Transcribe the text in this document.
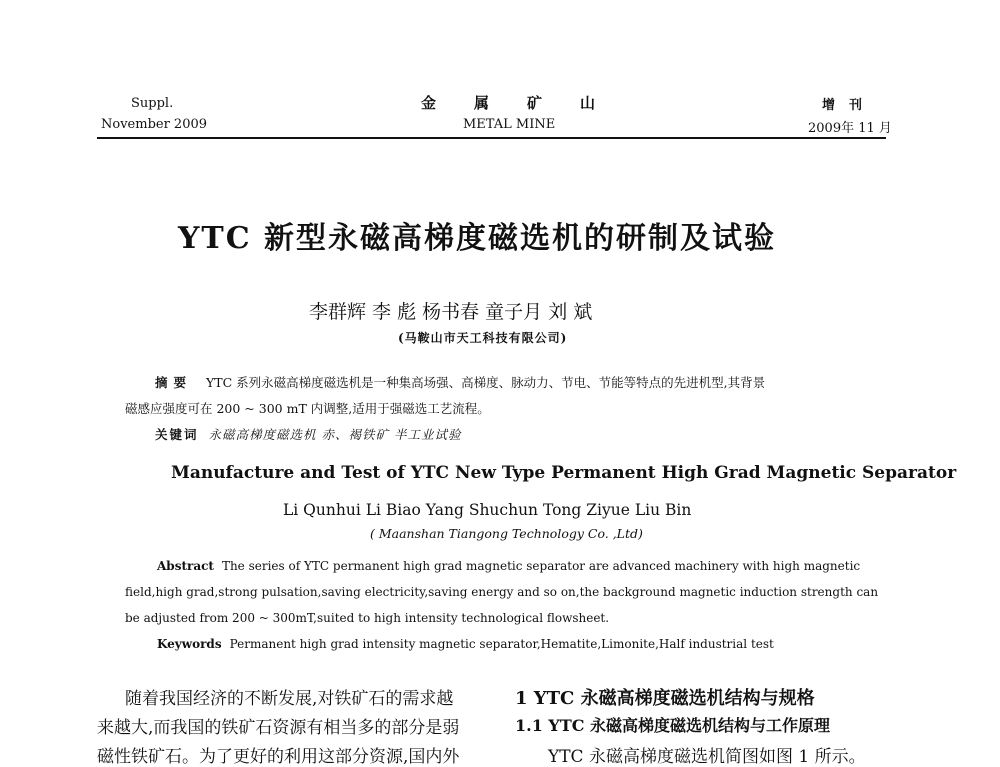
Suppl.
November 2009
金属矿山
METAL MINE
增刊
2009年 11 月
YTC 新型永磁高梯度磁选机的研制及试验
李群辉 李 彪 杨书春 童子月 刘 斌
(马鞍山市天工科技有限公司)
摘要 YTC 系列永磁高梯度磁选机是一种集高场强、高梯度、脉动力、节电、节能等特点的先进机型,其背景
磁感应强度可在 200 ~ 300 mT 内调整,适用于强磁选工艺流程。
关键词 永磁高梯度磁选机 赤、褐铁矿 半工业试验
Manufacture and Test of YTC New Type Permanent High Grad Magnetic Separator
Li Qunhui Li Biao Yang Shuchun Tong Ziyue Liu Bin
( Maanshan Tiangong Technology Co. ,Ltd)
Abstract The series of YTC permanent high grad magnetic separator are advanced machinery with high magnetic
field,high grad,strong pulsation,saving electricity,saving energy and so on,the background magnetic induction strength can
be adjusted from 200 ~ 300mT,suited to high intensity technological flowsheet.
Keywords Permanent high grad intensity magnetic separator,Hematite,Limonite,Half industrial test
随着我国经济的不断发展,对铁矿石的需求越
来越大,而我国的铁矿石资源有相当多的部分是弱
磁性铁矿石。为了更好的利用这部分资源,国内外
1 YTC 永磁高梯度磁选机结构与规格
1.1 YTC 永磁高梯度磁选机结构与工作原理
YTC 永磁高梯度磁选机简图如图 1 所示。
